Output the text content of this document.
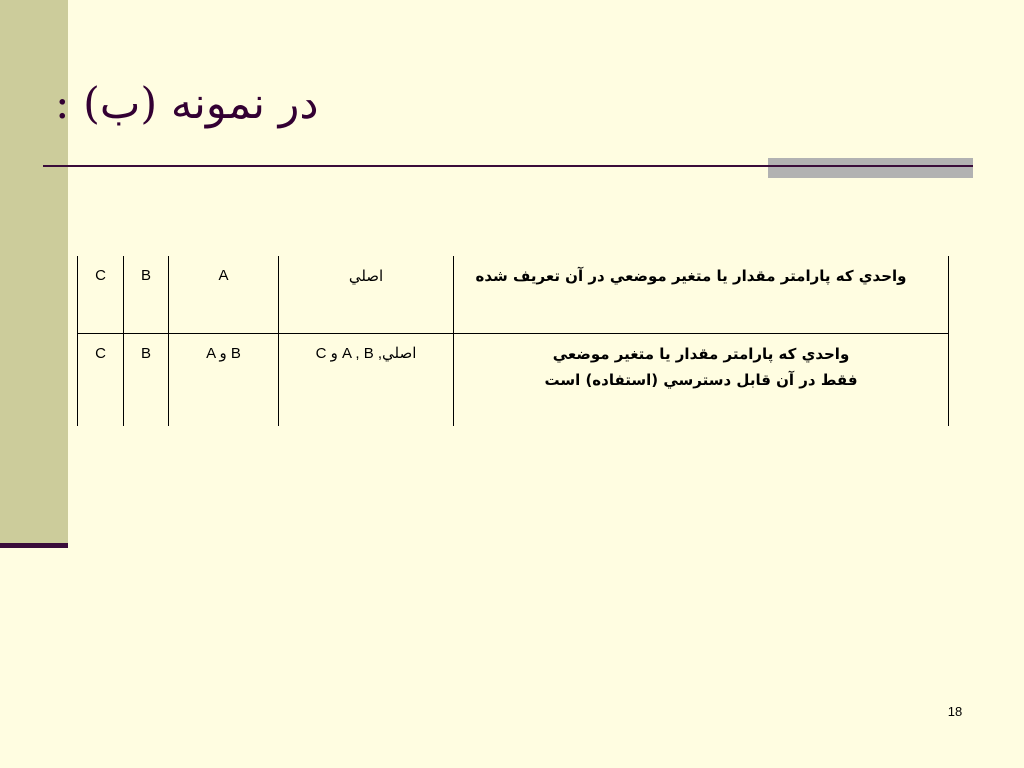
در نمونه (ب) :
C	B	A	اصلي	واحدي كه پارامتر مقدار يا متغير موضعي در آن تعريف شده

C	B	A و B	اصلي, A , B و C	واحدي كه پارامتر مقدار يا متغير موضعي
فقط در آن قابل دسترسي (استفاده) است
18
